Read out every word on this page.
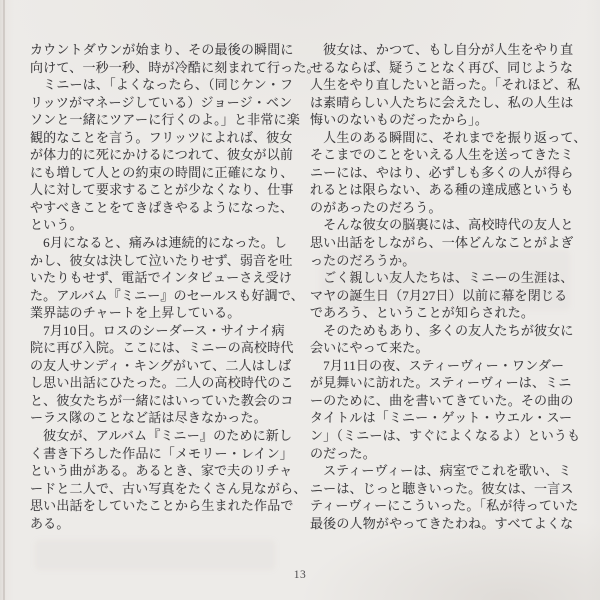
カウントダウンが始まり、その最後の瞬間に
向けて、一秒一秒、時が冷酷に刻まれて行った。
　ミニーは、「よくなったら、（同じケン・フ
リッツがマネージしている）ジョージ・ベン
ソンと一緒にツアーに行くのよ。」と非常に楽
観的なことを言う。フリッツによれば、彼女
が体力的に死にかけるにつれて、彼女が以前
にも増して人との約束の時間に正確になり、
人に対して要求することが少なくなり、仕事
やすべきことをてきぱきやるようになった、
という。
　6月になると、痛みは連続的になった。し
かし、彼女は決して泣いたりせず、弱音を吐
いたりもせず、電話でインタビューさえ受け
た。アルバム『ミニー』のセールスも好調で、
業界誌のチャートを上昇している。
　7月10日。ロスのシーダース・サイナイ病
院に再び入院。ここには、ミニーの高校時代
の友人サンディ・キングがいて、二人はしば
し思い出話にひたった。二人の高校時代のこ
と、彼女たちが一緒にはいっていた教会のコ
ーラス隊のことなど話は尽きなかった。
　彼女が、アルバム『ミニー』のために新し
く書き下ろした作品に「メモリー・レイン」
という曲がある。あるとき、家で夫のリチャ
ードと二人で、古い写真をたくさん見ながら、
思い出話をしていたことから生まれた作品で
ある。
　彼女は、かつて、もし自分が人生をやり直
せるならば、疑うことなく再び、同じような
人生をやり直したいと語った。「それほど、私
は素晴らしい人たちに会えたし、私の人生は
悔いのないものだったから」。
　人生のある瞬間に、それまでを振り返って、
そこまでのことをいえる人生を送ってきたミ
ニーには、やはり、必ずしも多くの人が得ら
れるとは限らない、ある種の達成感というも
のがあったのだろう。
　そんな彼女の脳裏には、高校時代の友人と
思い出話をしながら、一体どんなことがよぎ
ったのだろうか。
　ごく親しい友人たちは、ミニーの生涯は、
マヤの誕生日（7月27日）以前に幕を閉じる
であろう、ということが知らされた。
　そのためもあり、多くの友人たちが彼女に
会いにやって来た。
　7月11日の夜、スティーヴィー・ワンダー
が見舞いに訪れた。スティーヴィーは、ミニ
ーのために、曲を書いてきていた。その曲の
タイトルは「ミニー・ゲット・ウエル・スー
ン」（ミニーは、すぐによくなるよ）というも
のだった。
　スティーヴィーは、病室でこれを歌い、ミ
ニーは、じっと聴きいった。彼女は、一言ス
ティーヴィーにこういった。「私が待っていた
最後の人物がやってきたわね。すべてよくな
13
